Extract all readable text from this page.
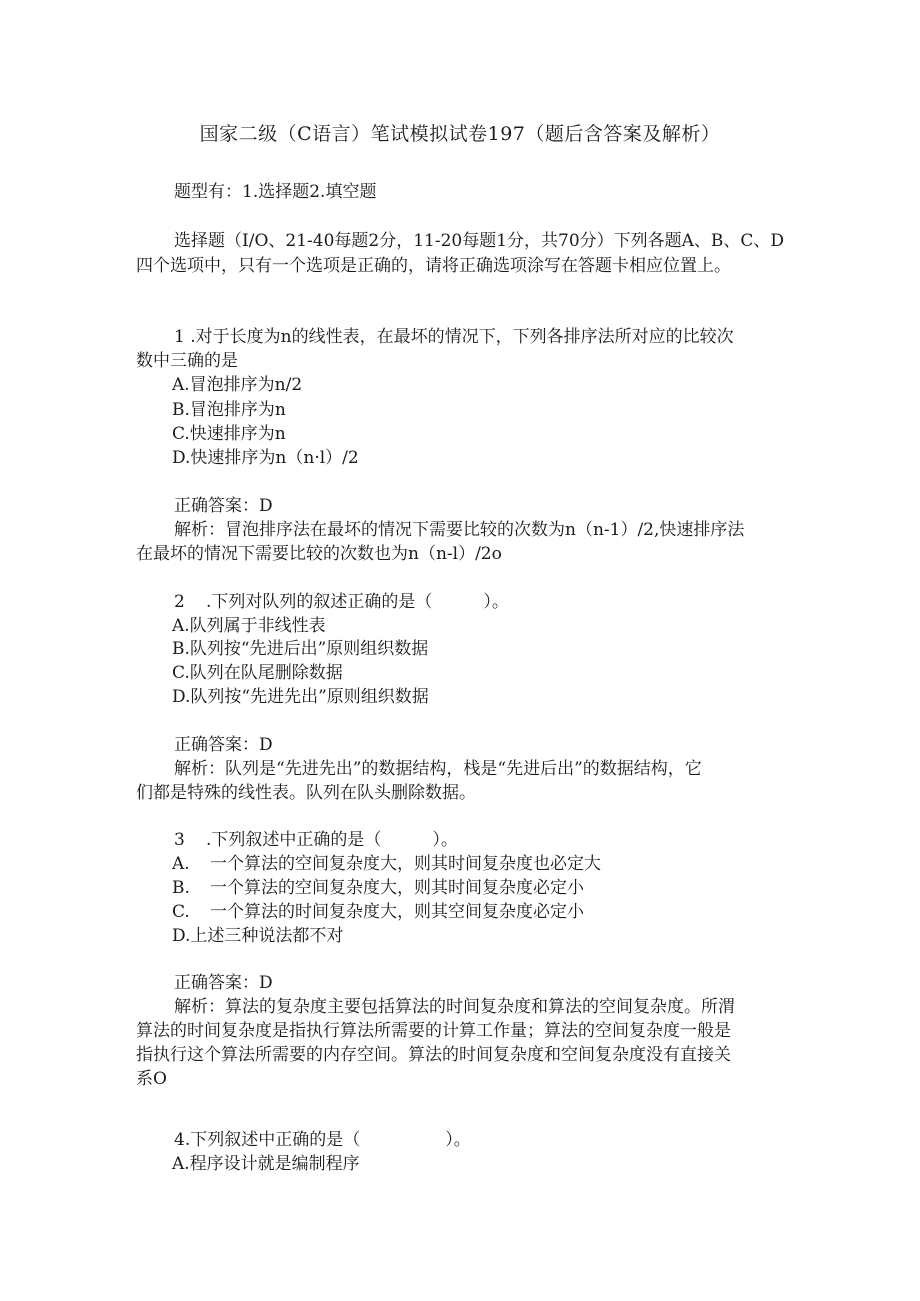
国家二级（C语言）笔试模拟试卷197（题后含答案及解析）
题型有：1.选择题2.填空题
选择题（I/O、21-40每题2分，11-20每题1分，共70分）下列各题A、B、C、D
四个选项中，只有一个选项是正确的，请将正确选项涂写在答题卡相应位置上。
1 .对于长度为n的线性表，在最坏的情况下，下列各排序法所对应的比较次
数中三确的是
A.冒泡排序为n/2
B.冒泡排序为n
C.快速排序为n
D.快速排序为n（n·l）/2
正确答案：D
解析：冒泡排序法在最坏的情况下需要比较的次数为n（n-1）/2,快速排序法
在最坏的情况下需要比较的次数也为n（n-l）/2o
2 .下列对队列的叙述正确的是（　　　）。
A.队列属于非线性表
B.队列按“先进后出”原则组织数据
C.队列在队尾删除数据
D.队列按“先进先出”原则组织数据
正确答案：D
解析：队列是“先进先出”的数据结构，栈是“先进后出”的数据结构，它
们都是特殊的线性表。队列在队头删除数据。
3 .下列叙述中正确的是（　　　）。
A. 一个算法的空间复杂度大，则其时间复杂度也必定大
B. 一个算法的空间复杂度大，则其时间复杂度必定小
C. 一个算法的时间复杂度大，则其空间复杂度必定小
D.上述三种说法都不对
正确答案：D
解析：算法的复杂度主要包括算法的时间复杂度和算法的空间复杂度。所渭
算法的时间复杂度是指执行算法所需要的计算工作量；算法的空间复杂度一般是
指执行这个算法所需要的内存空间。算法的时间复杂度和空间复杂度没有直接关
系O
4.下列叙述中正确的是（　　　　　）。
A.程序设计就是编制程序
